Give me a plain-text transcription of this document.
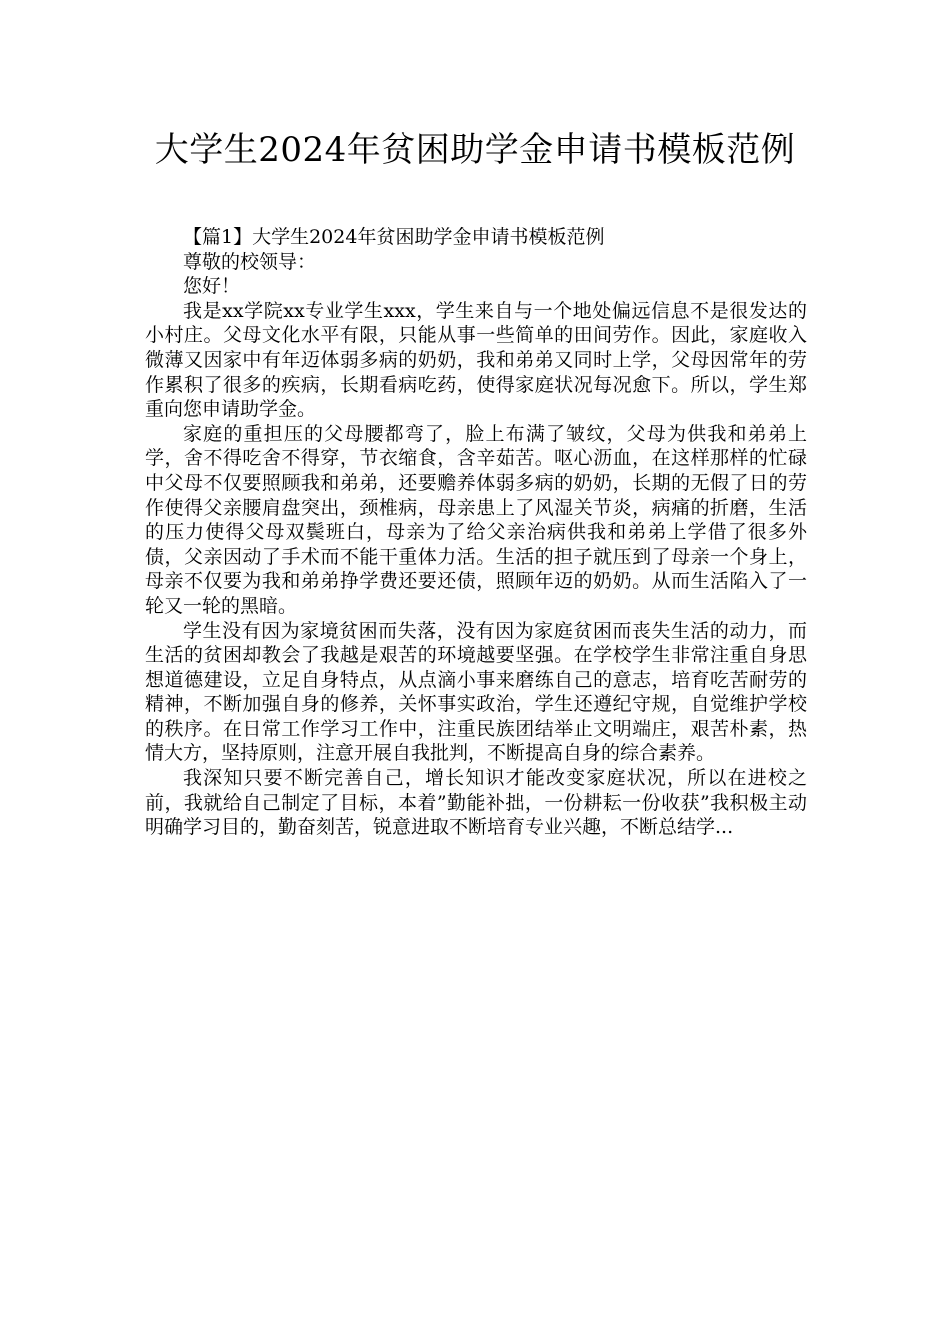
大学生2024年贫困助学金申请书模板范例

【篇1】大学生2024年贫困助学金申请书模板范例

尊敬的校领导：

您好！

我是xx学院xx专业学生xxx，学生来自与一个地处偏远信息不是很发达的小村庄。父母文化水平有限，只能从事一些简单的田间劳作。因此，家庭收入微薄又因家中有年迈体弱多病的奶奶，我和弟弟又同时上学，父母因常年的劳作累积了很多的疾病，长期看病吃药，使得家庭状况每况愈下。所以，学生郑重向您申请助学金。

家庭的重担压的父母腰都弯了，脸上布满了皱纹，父母为供我和弟弟上学，舍不得吃舍不得穿，节衣缩食，含辛茹苦。呕心沥血，在这样那样的忙碌中父母不仅要照顾我和弟弟，还要赡养体弱多病的奶奶，长期的无假了日的劳作使得父亲腰肩盘突出，颈椎病，母亲患上了风湿关节炎，病痛的折磨，生活的压力使得父母双鬓班白，母亲为了给父亲治病供我和弟弟上学借了很多外债，父亲因动了手术而不能干重体力活。生活的担子就压到了母亲一个身上，母亲不仅要为我和弟弟挣学费还要还债，照顾年迈的奶奶。从而生活陷入了一轮又一轮的黑暗。

学生没有因为家境贫困而失落，没有因为家庭贫困而丧失生活的动力，而生活的贫困却教会了我越是艰苦的环境越要坚强。在学校学生非常注重自身思想道德建设，立足自身特点，从点滴小事来磨练自己的意志，培育吃苦耐劳的精神，不断加强自身的修养，关怀事实政治，学生还遵纪守规，自觉维护学校的秩序。在日常工作学习工作中，注重民族团结举止文明端庄，艰苦朴素，热情大方，坚持原则，注意开展自我批判，不断提高自身的综合素养。

我深知只要不断完善自己，增长知识才能改变家庭状况，所以在进校之前，我就给自己制定了目标，本着”勤能补拙，一份耕耘一份收获”我积极主动明确学习目的，勤奋刻苦，锐意进取不断培育专业兴趣，不断总结学...
